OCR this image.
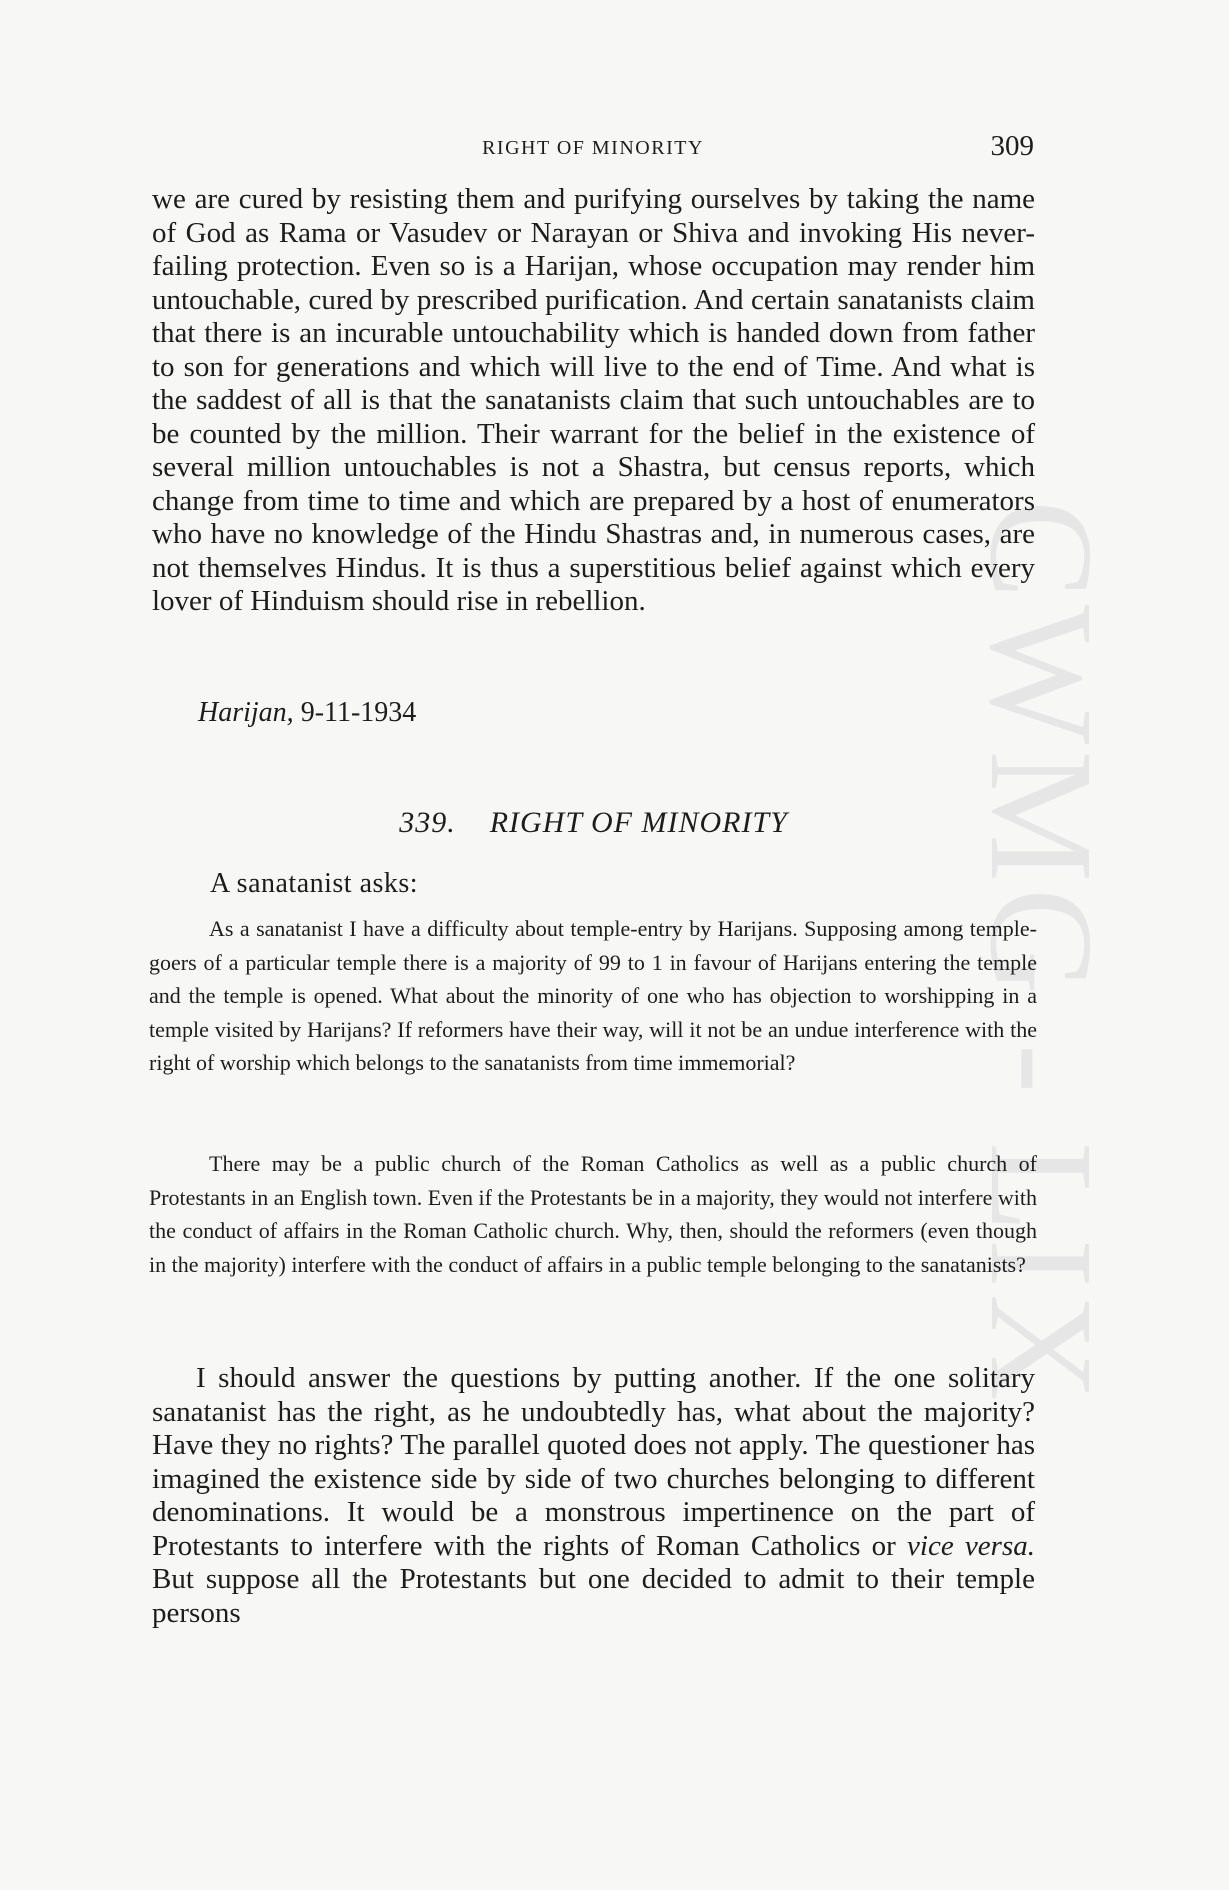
CWMG - LIX
RIGHT OF MINORITY	309

we are cured by resisting them and purifying ourselves by taking the name of God as Rama or Vasudev or Narayan or Shiva and invoking His never-failing protection. Even so is a Harijan, whose occupation may render him untouchable, cured by prescribed purification. And certain sanatanists claim that there is an incurable untouchability which is handed down from father to son for generations and which will live to the end of Time. And what is the saddest of all is that the sanatanists claim that such untouchables are to be counted by the million. Their warrant for the belief in the existence of several million untouchables is not a Shastra, but census reports, which change from time to time and which are prepared by a host of enumerators who have no knowledge of the Hindu Shastras and, in numerous cases, are not themselves Hindus. It is thus a superstitious belief against which every lover of Hinduism should rise in rebellion.

Harijan, 9-11-1934
339. RIGHT OF MINORITY
A sanatanist asks:

As a sanatanist I have a difficulty about temple-entry by Harijans. Supposing among temple-goers of a particular temple there is a majority of 99 to 1 in favour of Harijans entering the temple and the temple is opened. What about the minority of one who has objection to worshipping in a temple visited by Harijans? If reformers have their way, will it not be an undue interference with the right of worship which belongs to the sanatanists from time immemorial?

There may be a public church of the Roman Catholics as well as a public church of Protestants in an English town. Even if the Protestants be in a majority, they would not interfere with the conduct of affairs in the Roman Catholic church. Why, then, should the reformers (even though in the majority) interfere with the conduct of affairs in a public temple belonging to the sanatanists?

I should answer the questions by putting another. If the one solitary sanatanist has the right, as he undoubtedly has, what about the majority? Have they no rights? The parallel quoted does not apply. The questioner has imagined the existence side by side of two churches belonging to different denominations. It would be a monstrous impertinence on the part of Protestants to interfere with the rights of Roman Catholics or vice versa. But suppose all the Protestants but one decided to admit to their temple persons
